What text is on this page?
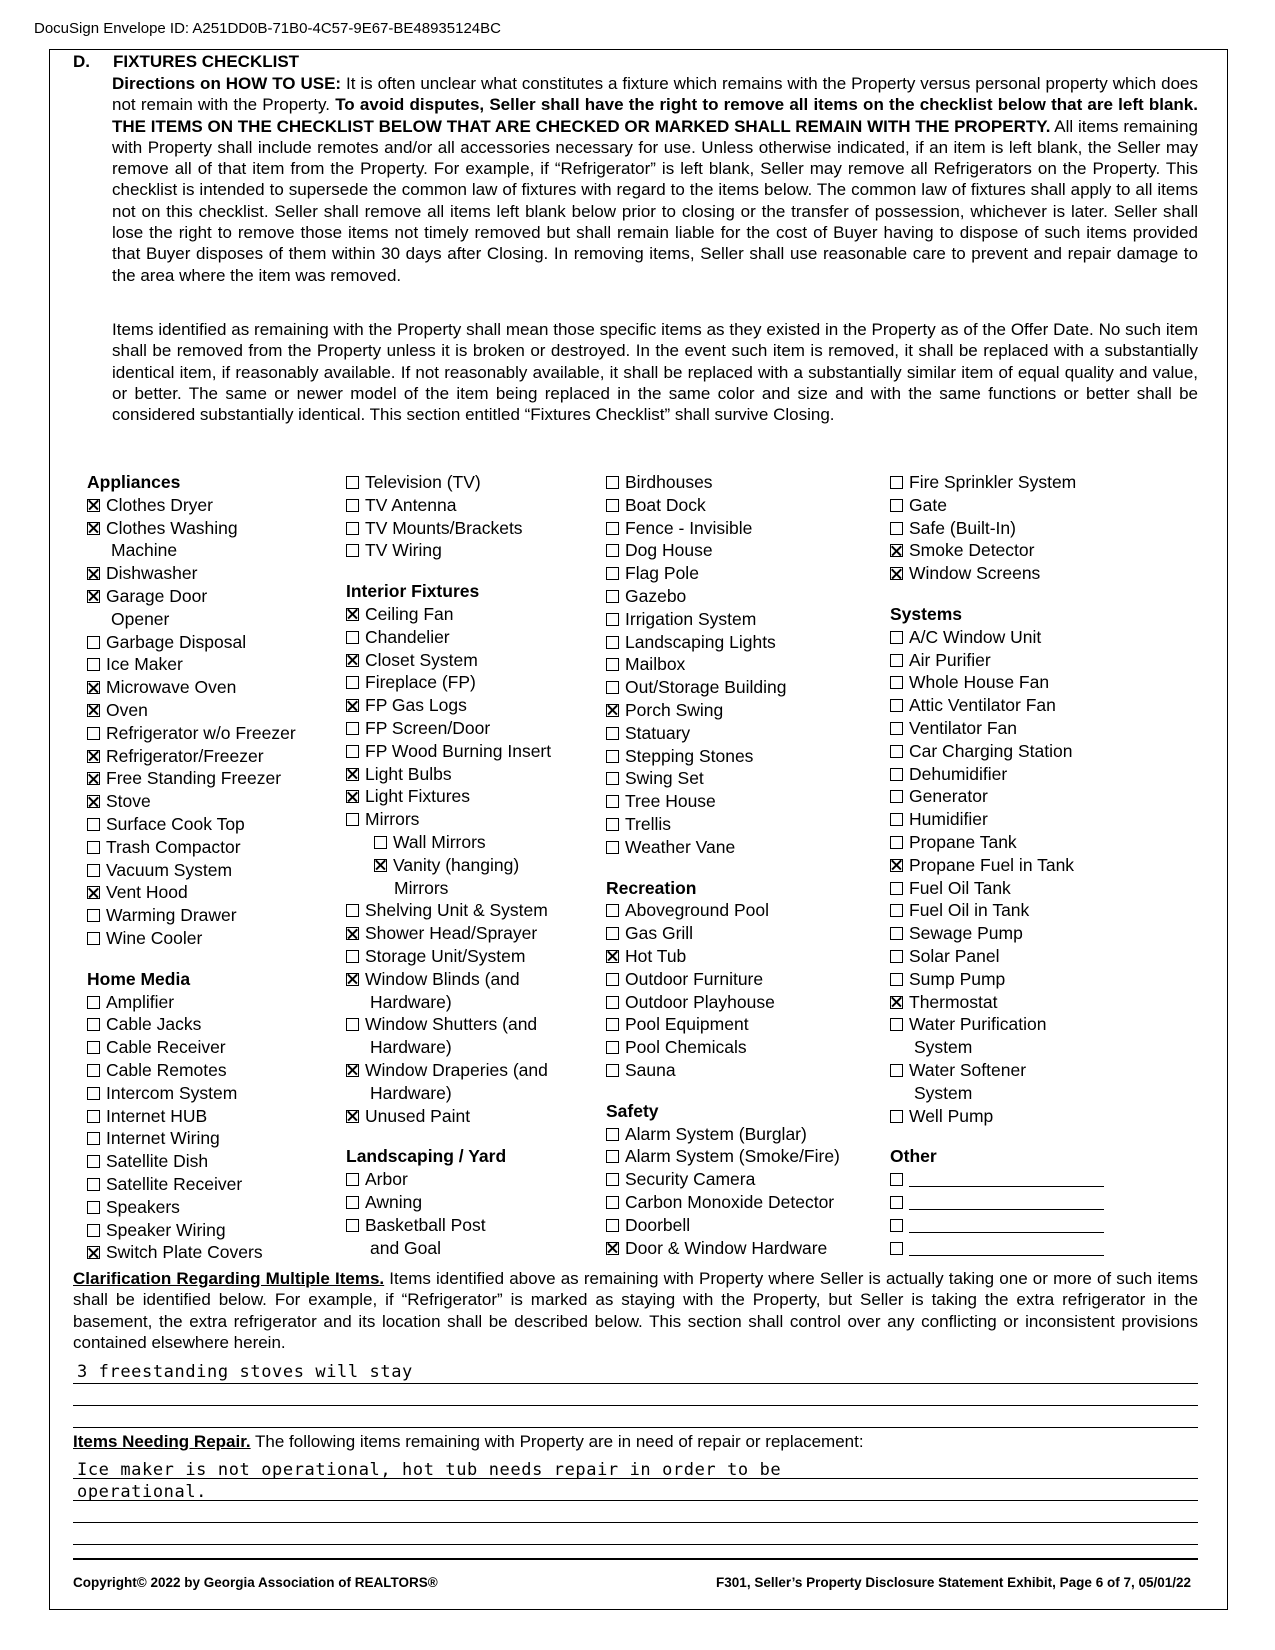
DocuSign Envelope ID: A251DD0B-71B0-4C57-9E67-BE48935124BC
D. FIXTURES CHECKLIST
Directions on HOW TO USE: It is often unclear what constitutes a fixture which remains with the Property versus personal property which does not remain with the Property. To avoid disputes, Seller shall have the right to remove all items on the checklist below that are left blank. THE ITEMS ON THE CHECKLIST BELOW THAT ARE CHECKED OR MARKED SHALL REMAIN WITH THE PROPERTY. All items remaining with Property shall include remotes and/or all accessories necessary for use. Unless otherwise indicated, if an item is left blank, the Seller may remove all of that item from the Property. For example, if “Refrigerator” is left blank, Seller may remove all Refrigerators on the Property. This checklist is intended to supersede the common law of fixtures with regard to the items below. The common law of fixtures shall apply to all items not on this checklist. Seller shall remove all items left blank below prior to closing or the transfer of possession, whichever is later. Seller shall lose the right to remove those items not timely removed but shall remain liable for the cost of Buyer having to dispose of such items provided that Buyer disposes of them within 30 days after Closing. In removing items, Seller shall use reasonable care to prevent and repair damage to the area where the item was removed.
Items identified as remaining with the Property shall mean those specific items as they existed in the Property as of the Offer Date. No such item shall be removed from the Property unless it is broken or destroyed. In the event such item is removed, it shall be replaced with a substantially identical item, if reasonably available. If not reasonably available, it shall be replaced with a substantially similar item of equal quality and value, or better. The same or newer model of the item being replaced in the same color and size and with the same functions or better shall be considered substantially identical. This section entitled “Fixtures Checklist” shall survive Closing.
Appliances
Clothes Dryer
Clothes Washing
Machine
Dishwasher
Garage Door
Opener
Garbage Disposal
Ice Maker
Microwave Oven
Oven
Refrigerator w/o Freezer
Refrigerator/Freezer
Free Standing Freezer
Stove
Surface Cook Top
Trash Compactor
Vacuum System
Vent Hood
Warming Drawer
Wine Cooler
Home Media
Amplifier
Cable Jacks
Cable Receiver
Cable Remotes
Intercom System
Internet HUB
Internet Wiring
Satellite Dish
Satellite Receiver
Speakers
Speaker Wiring
Switch Plate Covers
Television (TV)
TV Antenna
TV Mounts/Brackets
TV Wiring
Interior Fixtures
Ceiling Fan
Chandelier
Closet System
Fireplace (FP)
FP Gas Logs
FP Screen/Door
FP Wood Burning Insert
Light Bulbs
Light Fixtures
Mirrors
Wall Mirrors
Vanity (hanging)
Mirrors
Shelving Unit & System
Shower Head/Sprayer
Storage Unit/System
Window Blinds (and
Hardware)
Window Shutters (and
Hardware)
Window Draperies (and
Hardware)
Unused Paint
Landscaping / Yard
Arbor
Awning
Basketball Post
and Goal
Birdhouses
Boat Dock
Fence - Invisible
Dog House
Flag Pole
Gazebo
Irrigation System
Landscaping Lights
Mailbox
Out/Storage Building
Porch Swing
Statuary
Stepping Stones
Swing Set
Tree House
Trellis
Weather Vane
Recreation
Aboveground Pool
Gas Grill
Hot Tub
Outdoor Furniture
Outdoor Playhouse
Pool Equipment
Pool Chemicals
Sauna
Safety
Alarm System (Burglar)
Alarm System (Smoke/Fire)
Security Camera
Carbon Monoxide Detector
Doorbell
Door & Window Hardware
Fire Sprinkler System
Gate
Safe (Built-In)
Smoke Detector
Window Screens
Systems
A/C Window Unit
Air Purifier
Whole House Fan
Attic Ventilator Fan
Ventilator Fan
Car Charging Station
Dehumidifier
Generator
Humidifier
Propane Tank
Propane Fuel in Tank
Fuel Oil Tank
Fuel Oil in Tank
Sewage Pump
Solar Panel
Sump Pump
Thermostat
Water Purification
System
Water Softener
System
Well Pump
Other
Clarification Regarding Multiple Items. Items identified above as remaining with Property where Seller is actually taking one or more of such items shall be identified below. For example, if “Refrigerator” is marked as staying with the Property, but Seller is taking the extra refrigerator in the basement, the extra refrigerator and its location shall be described below. This section shall control over any conflicting or inconsistent provisions contained elsewhere herein.
3 freestanding stoves will stay
Items Needing Repair. The following items remaining with Property are in need of repair or replacement:
Ice maker is not operational, hot tub needs repair in order to be
operational.
Copyright© 2022 by Georgia Association of REALTORS®	F301, Seller’s Property Disclosure Statement Exhibit, Page 6 of 7, 05/01/22
